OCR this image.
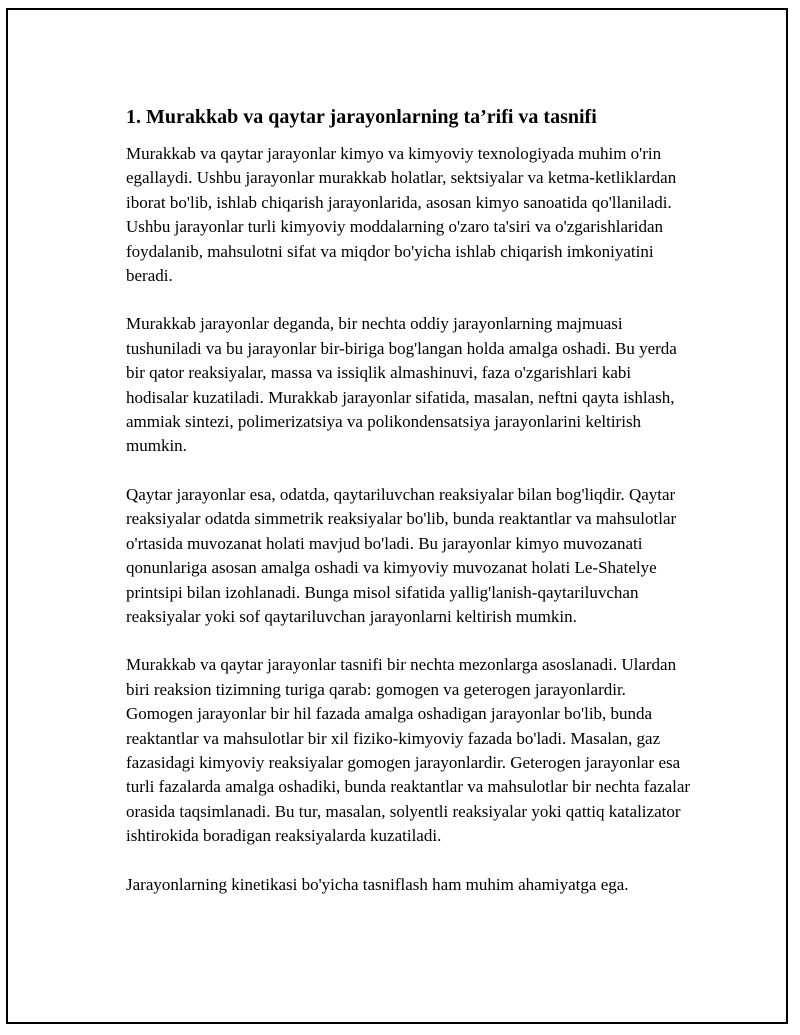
1. Murakkab va qaytar jarayonlarning ta’rifi va tasnifi

Murakkab va qaytar jarayonlar kimyo va kimyoviy texnologiyada muhim o'rin egallaydi. Ushbu jarayonlar murakkab holatlar, sektsiyalar va ketma-ketliklardan iborat bo'lib, ishlab chiqarish jarayonlarida, asosan kimyo sanoatida qo'llaniladi. Ushbu jarayonlar turli kimyoviy moddalarning o'zaro ta'siri va o'zgarishlaridan foydalanib, mahsulotni sifat va miqdor bo'yicha ishlab chiqarish imkoniyatini beradi.

Murakkab jarayonlar deganda, bir nechta oddiy jarayonlarning majmuasi tushuniladi va bu jarayonlar bir-biriga bog'langan holda amalga oshadi. Bu yerda bir qator reaksiyalar, massa va issiqlik almashinuvi, faza o'zgarishlari kabi hodisalar kuzatiladi. Murakkab jarayonlar sifatida, masalan, neftni qayta ishlash, ammiak sintezi, polimerizatsiya va polikondensatsiya jarayonlarini keltirish mumkin.

Qaytar jarayonlar esa, odatda, qaytariluvchan reaksiyalar bilan bog'liqdir. Qaytar reaksiyalar odatda simmetrik reaksiyalar bo'lib, bunda reaktantlar va mahsulotlar o'rtasida muvozanat holati mavjud bo'ladi. Bu jarayonlar kimyo muvozanati qonunlariga asosan amalga oshadi va kimyoviy muvozanat holati Le-Shatelye printsipi bilan izohlanadi. Bunga misol sifatida yallig'lanish-qaytariluvchan reaksiyalar yoki sof qaytariluvchan jarayonlarni keltirish mumkin.

Murakkab va qaytar jarayonlar tasnifi bir nechta mezonlarga asoslanadi. Ulardan biri reaksion tizimning turiga qarab: gomogen va geterogen jarayonlardir. Gomogen jarayonlar bir hil fazada amalga oshadigan jarayonlar bo'lib, bunda reaktantlar va mahsulotlar bir xil fiziko-kimyoviy fazada bo'ladi. Masalan, gaz fazasidagi kimyoviy reaksiyalar gomogen jarayonlardir. Geterogen jarayonlar esa turli fazalarda amalga oshadiki, bunda reaktantlar va mahsulotlar bir nechta fazalar orasida taqsimlanadi. Bu tur, masalan, solyentli reaksiyalar yoki qattiq katalizator ishtirokida boradigan reaksiyalarda kuzatiladi.

Jarayonlarning kinetikasi bo'yicha tasniflash ham muhim ahamiyatga ega.
